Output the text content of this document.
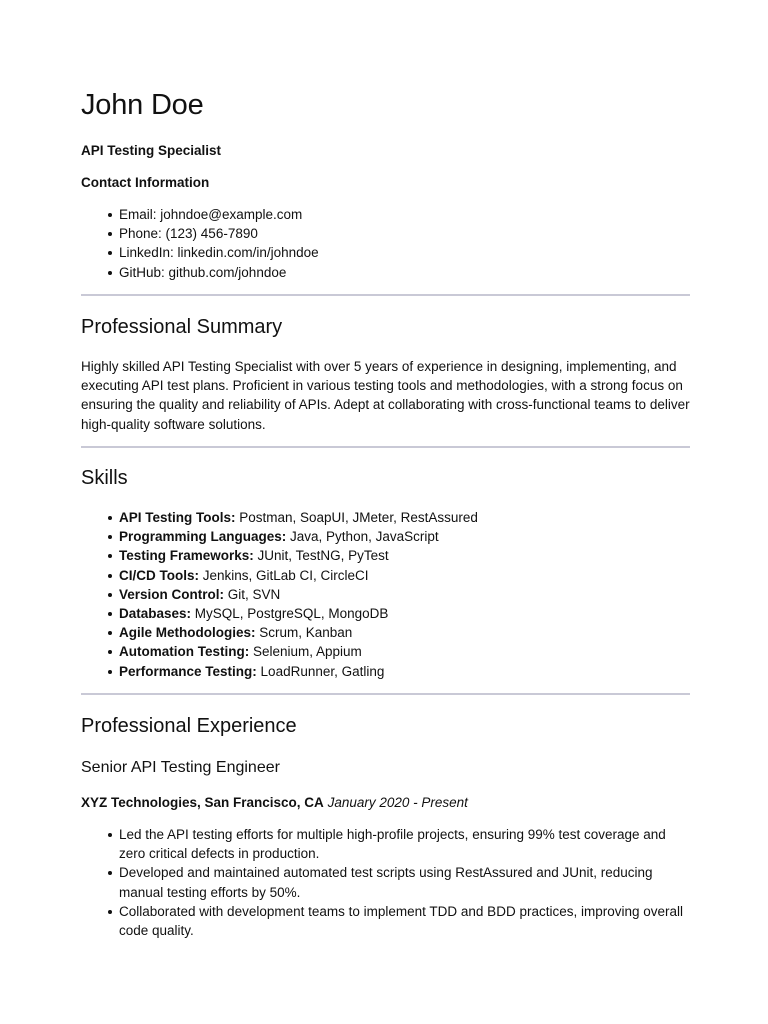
John Doe
API Testing Specialist
Contact Information
Email: johndoe@example.com
Phone: (123) 456-7890
LinkedIn: linkedin.com/in/johndoe
GitHub: github.com/johndoe
Professional Summary

Highly skilled API Testing Specialist with over 5 years of experience in designing, implementing, and executing API test plans. Proficient in various testing tools and methodologies, with a strong focus on ensuring the quality and reliability of APIs. Adept at collaborating with cross-functional teams to deliver high-quality software solutions.

Skills
API Testing Tools: Postman, SoapUI, JMeter, RestAssured
Programming Languages: Java, Python, JavaScript
Testing Frameworks: JUnit, TestNG, PyTest
CI/CD Tools: Jenkins, GitLab CI, CircleCI
Version Control: Git, SVN
Databases: MySQL, PostgreSQL, MongoDB
Agile Methodologies: Scrum, Kanban
Automation Testing: Selenium, Appium
Performance Testing: LoadRunner, Gatling
Professional Experience
Senior API Testing Engineer
XYZ Technologies, San Francisco, CA January 2020 - Present
Led the API testing efforts for multiple high-profile projects, ensuring 99% test coverage and zero critical defects in production.
Developed and maintained automated test scripts using RestAssured and JUnit, reducing manual testing efforts by 50%.
Collaborated with development teams to implement TDD and BDD practices, improving overall code quality.
